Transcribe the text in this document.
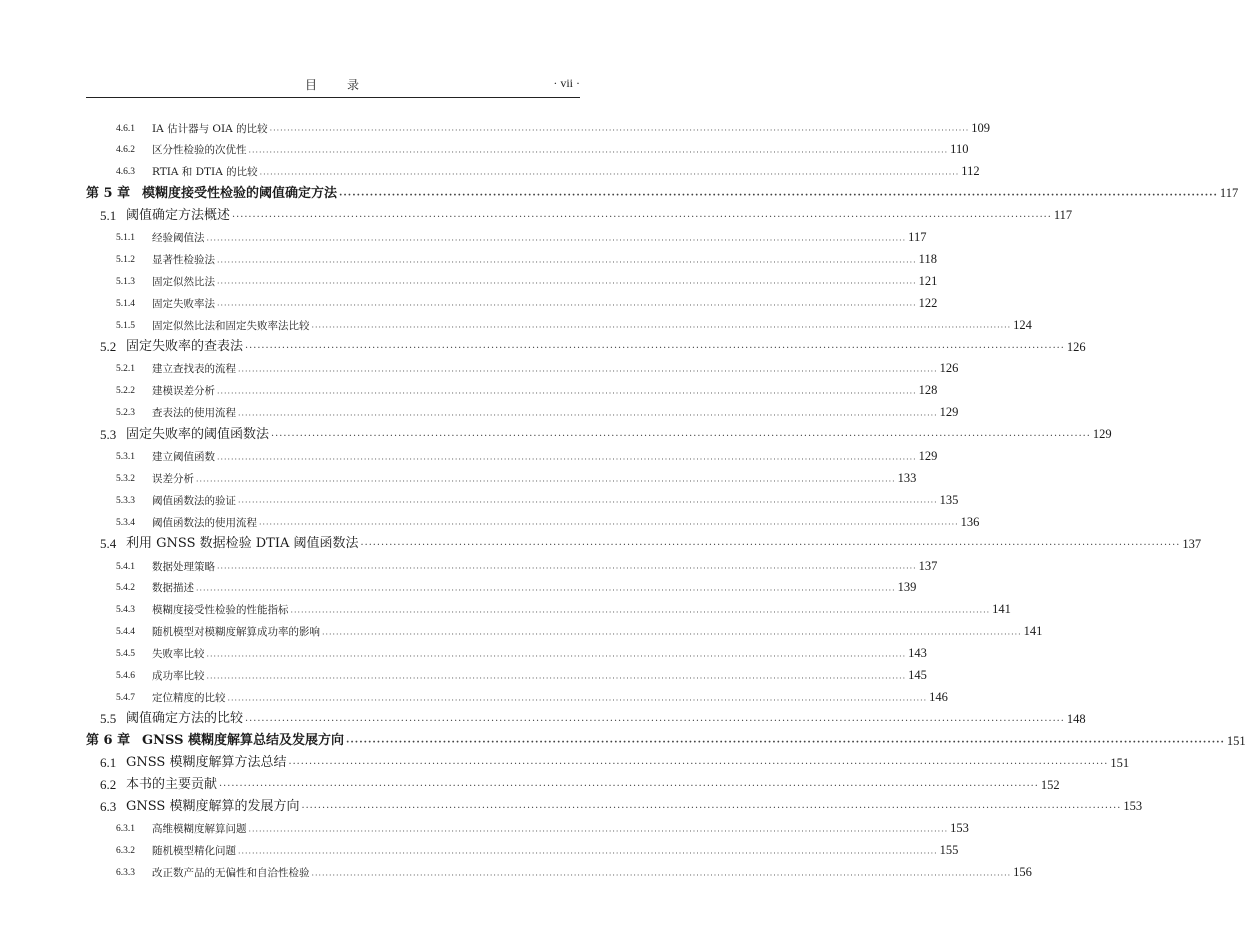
目　　录	· vii ·
4.6.1	IA 估计器与 OIA 的比较 ········································································································································································································ 109
4.6.2	区分性检验的次优性 ········································································································································································································ 110
4.6.3	RTIA 和 DTIA 的比较 ········································································································································································································ 112
第 5 章 模糊度接受性检验的阈值确定方法 ········································································································································································································ 117
5.1 阈值确定方法概述 ········································································································································································································ 117
5.1.1	经验阈值法 ········································································································································································································ 117
5.1.2	显著性检验法 ········································································································································································································ 118
5.1.3	固定似然比法 ········································································································································································································ 121
5.1.4	固定失败率法 ········································································································································································································ 122
5.1.5	固定似然比法和固定失败率法比较 ········································································································································································································ 124
5.2 固定失败率的查表法 ········································································································································································································ 126
5.2.1	建立查找表的流程 ········································································································································································································ 126
5.2.2	建模误差分析 ········································································································································································································ 128
5.2.3	查表法的使用流程 ········································································································································································································ 129
5.3 固定失败率的阈值函数法 ········································································································································································································ 129
5.3.1	建立阈值函数 ········································································································································································································ 129
5.3.2	误差分析 ········································································································································································································ 133
5.3.3	阈值函数法的验证 ········································································································································································································ 135
5.3.4	阈值函数法的使用流程 ········································································································································································································ 136
5.4 利用 GNSS 数据检验 DTIA 阈值函数法 ········································································································································································································ 137
5.4.1	数据处理策略 ········································································································································································································ 137
5.4.2	数据描述 ········································································································································································································ 139
5.4.3	模糊度接受性检验的性能指标 ········································································································································································································ 141
5.4.4	随机模型对模糊度解算成功率的影响 ········································································································································································································ 141
5.4.5	失败率比较 ········································································································································································································ 143
5.4.6	成功率比较 ········································································································································································································ 145
5.4.7	定位精度的比较 ········································································································································································································ 146
5.5 阈值确定方法的比较 ········································································································································································································ 148
第 6 章 GNSS 模糊度解算总结及发展方向 ········································································································································································································ 151
6.1 GNSS 模糊度解算方法总结 ········································································································································································································ 151
6.2 本书的主要贡献 ········································································································································································································ 152
6.3 GNSS 模糊度解算的发展方向 ········································································································································································································ 153
6.3.1	高维模糊度解算问题 ········································································································································································································ 153
6.3.2	随机模型精化问题 ········································································································································································································ 155
6.3.3	改正数产品的无偏性和自洽性检验 ········································································································································································································ 156
